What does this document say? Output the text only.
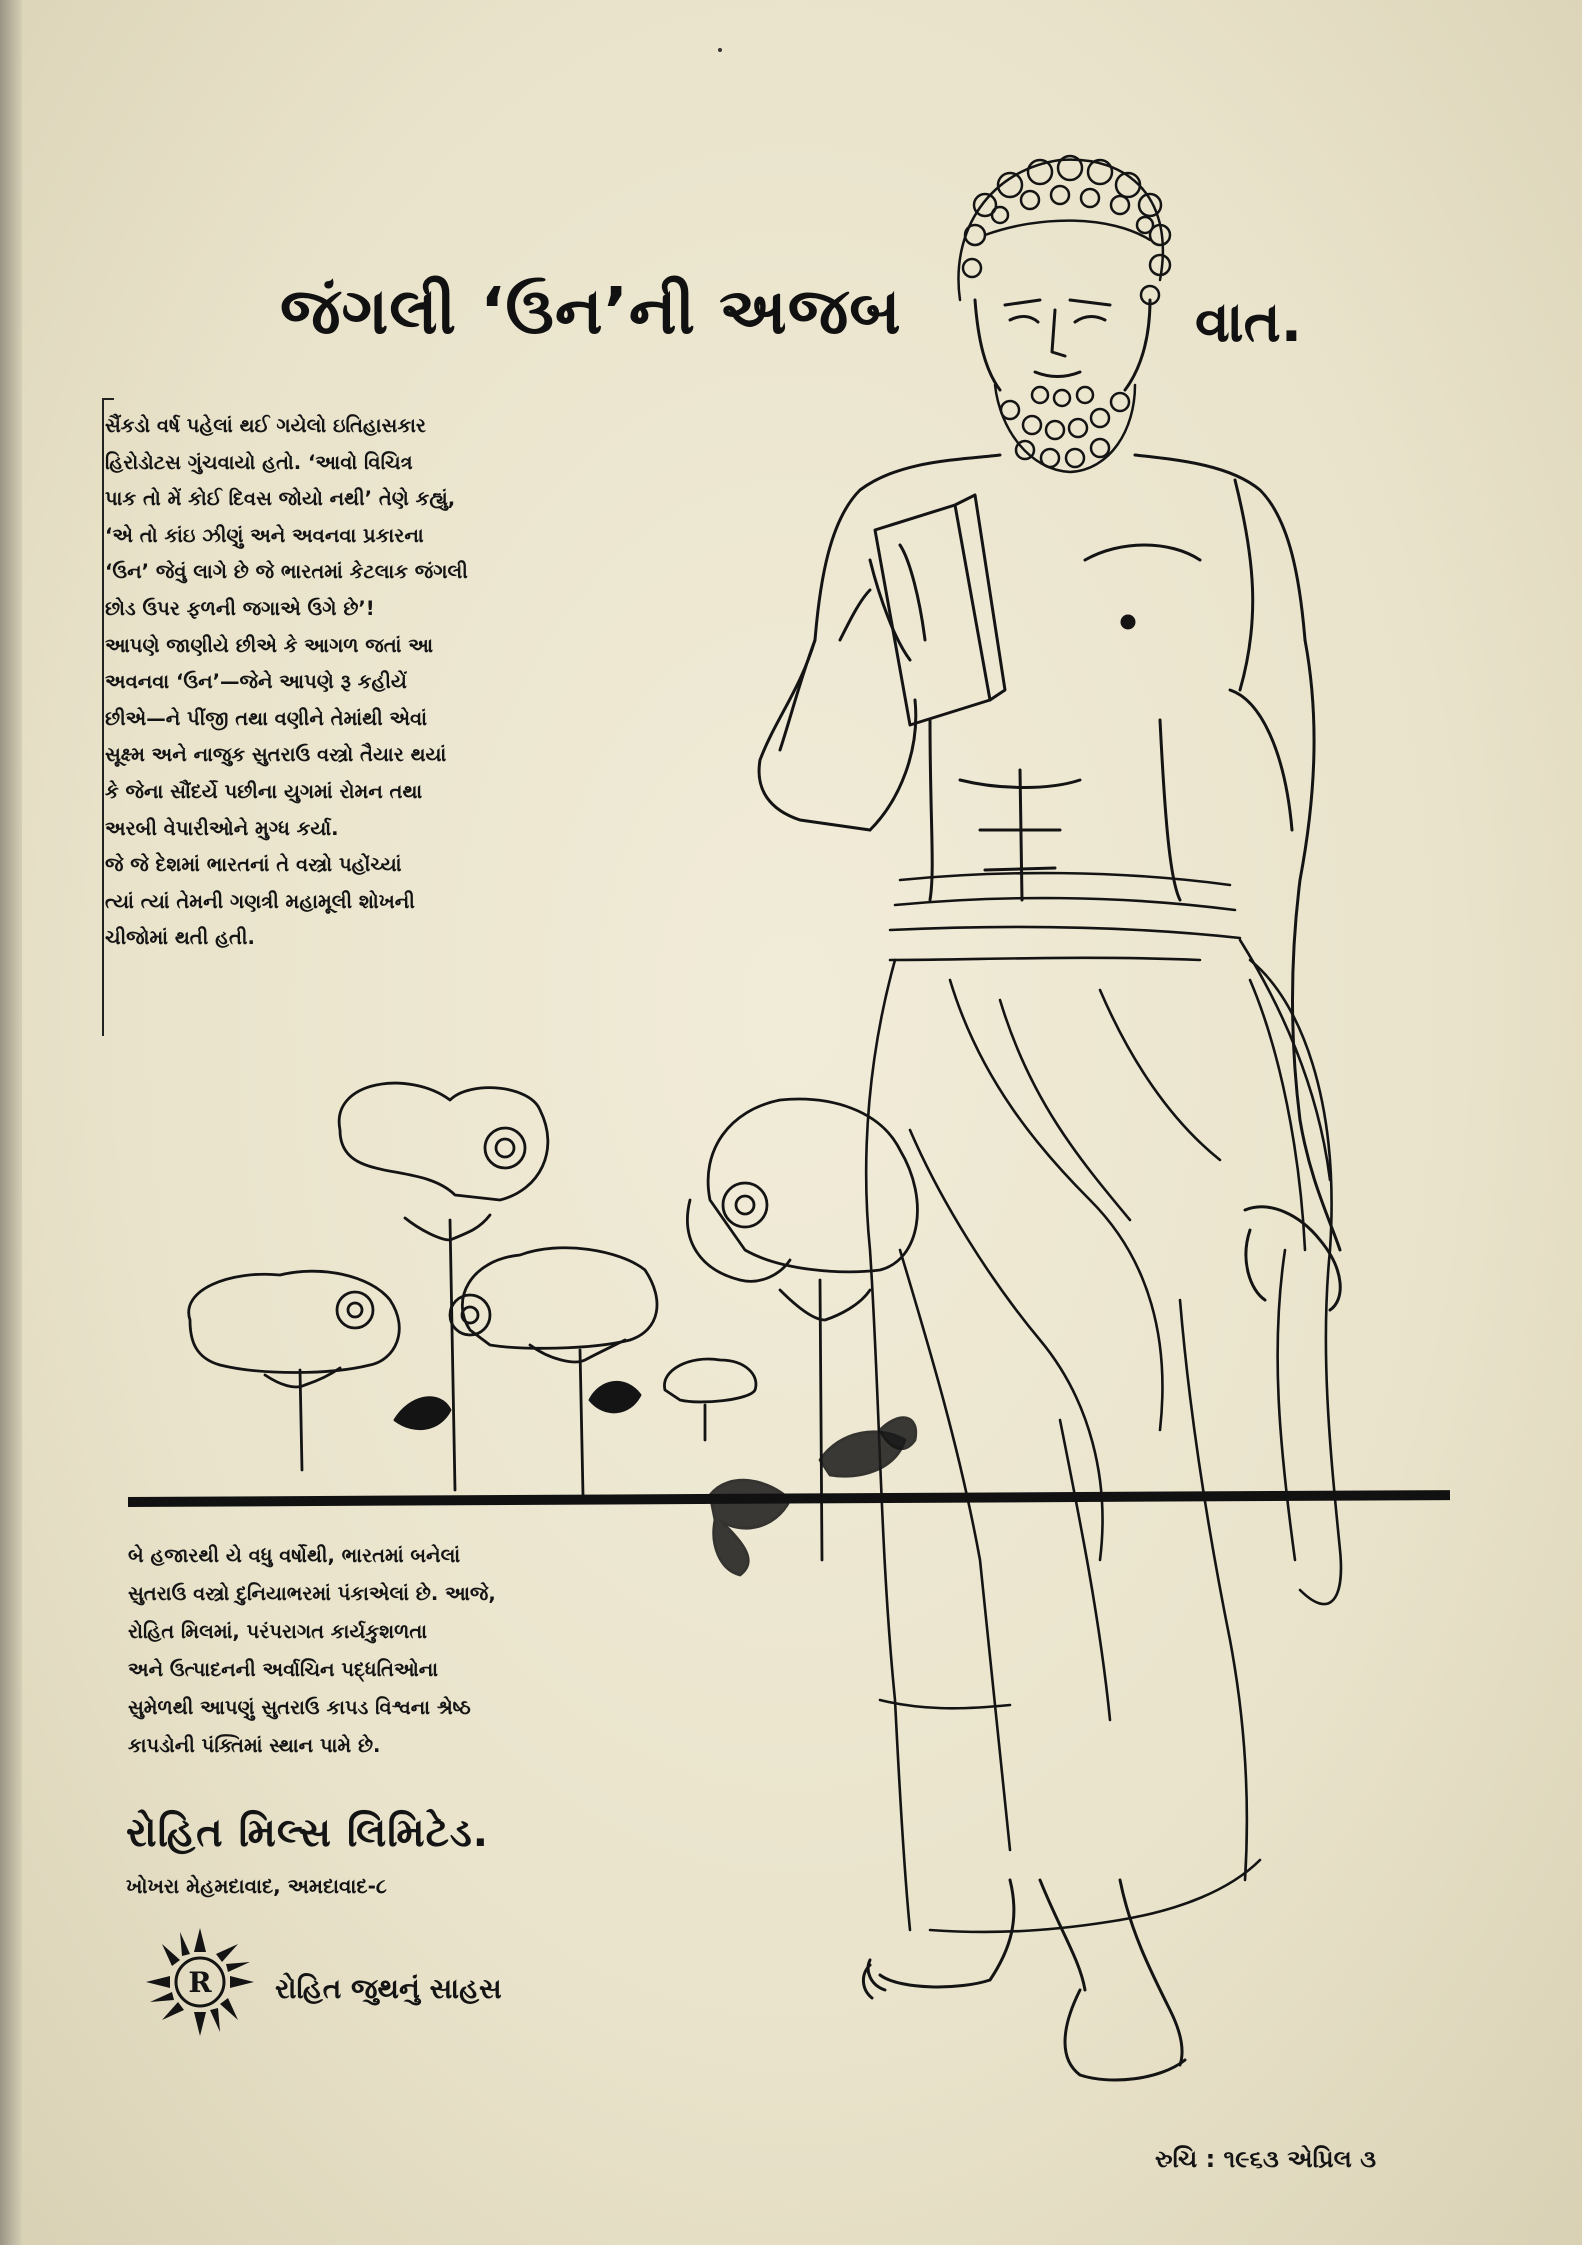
જંગલી ‘ઉન’ની અજબ	વાત.
સૈંકડો વર્ષ પહેલાં થઈ ગયેલો ઇતિહાસકાર
હિરોડોટસ ગુંચવાયો હતો. ‘આવો વિચિત્ર
પાક તો મેં કોઈ દિવસ જોયો નથી’ તેણે કહ્યું,
‘એ તો કાંઇ ઝીણું અને અવનવા પ્રકારના
‘ઉન’ જેવું લાગે છે જે ભારતમાં કેટલાક જંગલી
છોડ ઉપર ફળની જગાએ ઉગે છે’!
આપણે જાણીયે છીએ કે આગળ જતાં આ
અવનવા ‘ઉન’—જેને આપણે રૂ કહીયેં
છીએ—ને પીંજી તથા વણીને તેમાંથી એવાં
સૂક્ષ્મ અને નાજુક સુતરાઉ વસ્ત્રો તૈયાર થયાં
કે જેના સૌંદર્યે પછીના યુગમાં રોમન તથા
અરબી વેપારીઓને મુગ્ધ કર્યા.
જે જે દેશમાં ભારતનાં તે વસ્ત્રો પહોંચ્યાં
ત્યાં ત્યાં તેમની ગણત્રી મહામૂલી શોખની
ચીજોમાં થતી હતી.
બે હજારથી યે વધુ વર્ષોથી, ભારતમાં બનેલાં
સુતરાઉ વસ્ત્રો દુનિયાભરમાં પંકાએલાં છે. આજે,
રોહિત મિલમાં, પરંપરાગત કાર્યકુશળતા
અને ઉત્પાદનની અર્વાચિન પદ્ધતિઓના
સુમેળથી આપણું સુતરાઉ કાપડ વિશ્વના શ્રેષ્ઠ
કાપડોની પંક્તિમાં સ્થાન પામે છે.
રોહિત મિલ્સ લિમિટેડ.
ખોખરા મેહમદાવાદ, અમદાવાદ-૮
R રોહિત જુથનું સાહસ
રુચિ : ૧૯૬૩ એપ્રિલ ૩
